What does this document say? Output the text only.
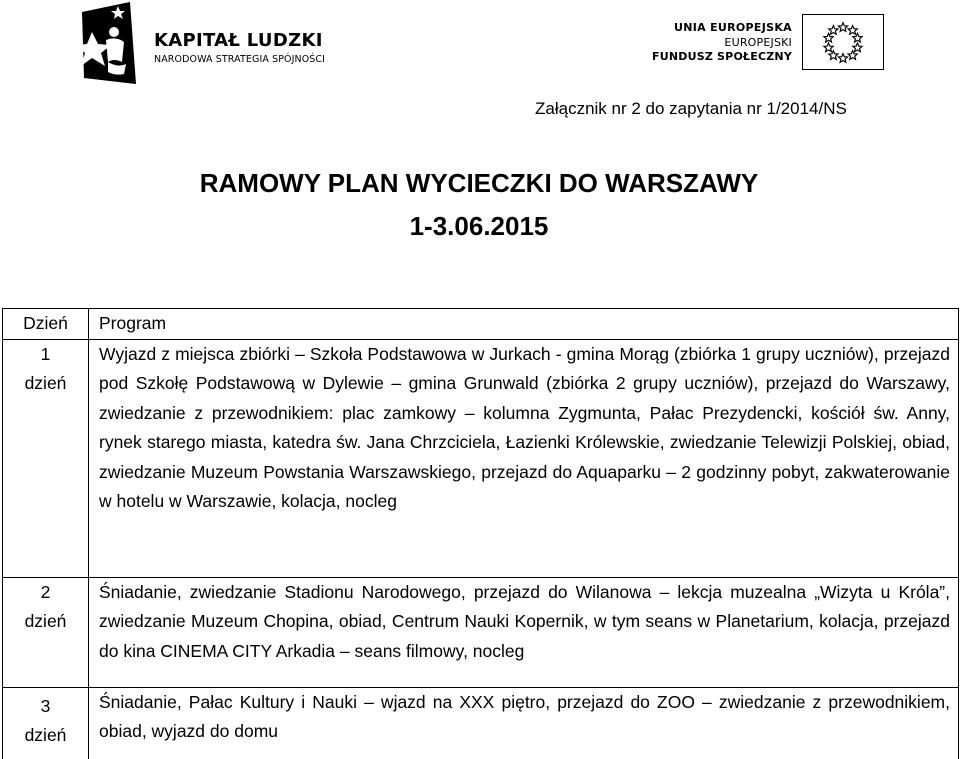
KAPITAŁ LUDZKI
NARODOWA STRATEGIA SPÓJNOŚCI
UNIA EUROPEJSKA
EUROPEJSKI
FUNDUSZ SPOŁECZNY
Załącznik nr 2 do zapytania nr 1/2014/NS
RAMOWY PLAN WYCIECZKI DO WARSZAWY
1-3.06.2015
Dzień	Program

1
dzień	Wyjazd z miejsca zbiórki – Szkoła Podstawowa w Jurkach - gmina Morąg (zbiórka 1 grupy uczniów), przejazd pod Szkołę Podstawową w Dylewie – gmina Grunwald (zbiórka 2 grupy uczniów), przejazd do Warszawy, zwiedzanie z przewodnikiem: plac zamkowy – kolumna Zygmunta, Pałac Prezydencki, kościół św. Anny, rynek starego miasta, katedra św. Jana Chrzciciela, Łazienki Królewskie, zwiedzanie Telewizji Polskiej, obiad, zwiedzanie Muzeum Powstania Warszawskiego, przejazd do Aquaparku – 2 godzinny pobyt, zakwaterowanie w hotelu w Warszawie, kolacja, nocleg

2
dzień	Śniadanie, zwiedzanie Stadionu Narodowego, przejazd do Wilanowa – lekcja muzealna „Wizyta u Króla”, zwiedzanie Muzeum Chopina, obiad, Centrum Nauki Kopernik, w tym seans w Planetarium, kolacja, przejazd do kina CINEMA CITY Arkadia – seans filmowy, nocleg

3
dzień	Śniadanie, Pałac Kultury i Nauki – wjazd na XXX piętro, przejazd do ZOO – zwiedzanie z przewodnikiem, obiad, wyjazd do domu
